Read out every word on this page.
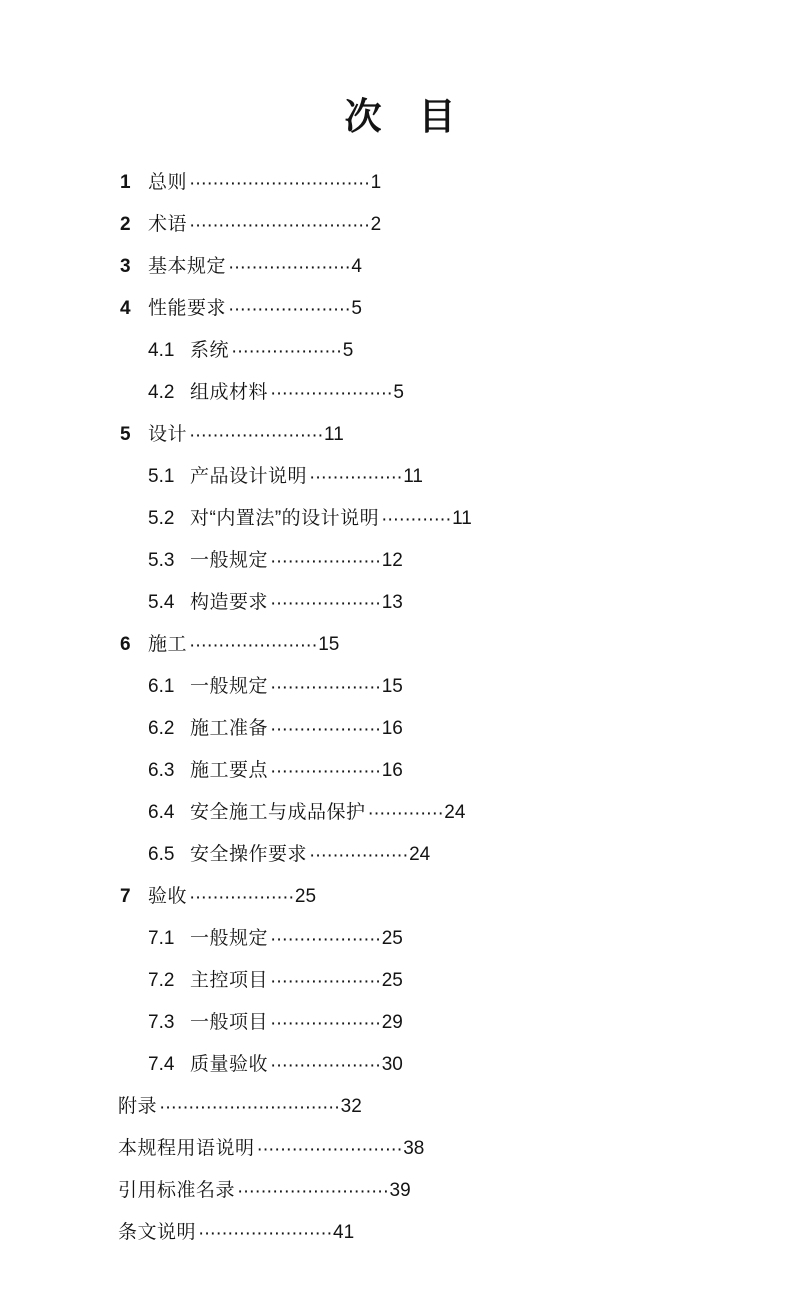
次　目
1 总则 ······························· 1
2 术语 ······························· 2
3 基本规定 ····················· 4
4 性能要求 ····················· 5
4.1 系统 ··················· 5
4.2 组成材料 ····················· 5
5 设计 ······················· 11
5.1 产品设计说明 ················ 11
5.2 对“内置法”的设计说明 ············ 11
5.3 一般规定 ··················· 12
5.4 构造要求 ··················· 13
6 施工 ······················ 15
6.1 一般规定 ··················· 15
6.2 施工准备 ··················· 16
6.3 施工要点 ··················· 16
6.4 安全施工与成品保护 ············· 24
6.5 安全操作要求 ················· 24
7 验收 ·················· 25
7.1 一般规定 ··················· 25
7.2 主控项目 ··················· 25
7.3 一般项目 ··················· 29
7.4 质量验收 ··················· 30
附录 ······························· 32
本规程用语说明 ························· 38
引用标准名录 ·························· 39
条文说明 ······················· 41
